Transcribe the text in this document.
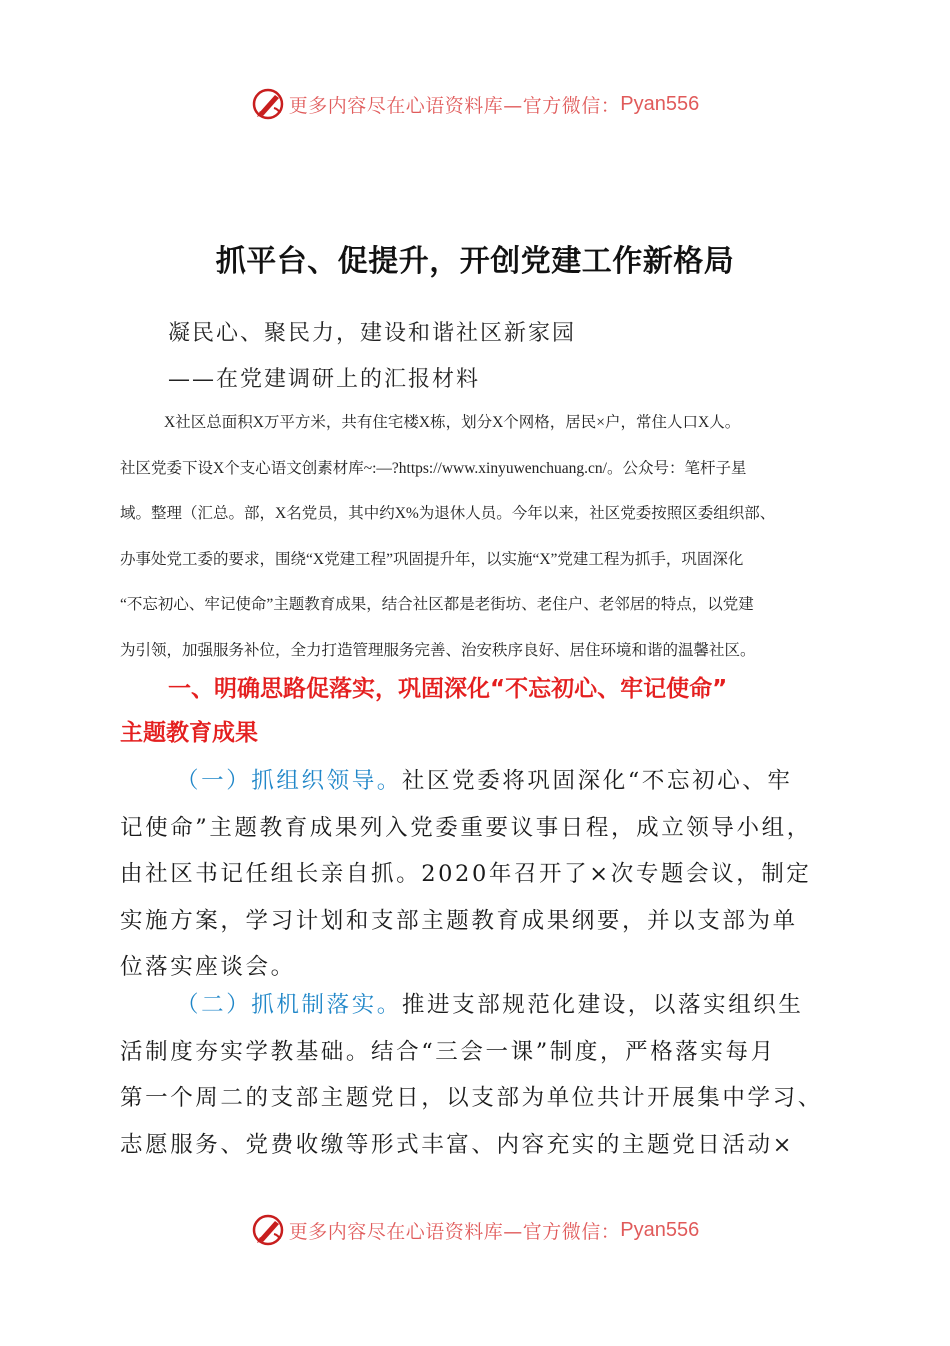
更多内容尽在心语资料库—官方微信： Pyan556
抓平台、促提升，开创党建工作新格局
凝民心、聚民力，建设和谐社区新家园
——在党建调研上的汇报材料
X社区总面积X万平方米，共有住宅楼X栋，划分X个网格，居民×户，常住人口X人。
社区党委下设X个支心语文创素材库~:—?https://www.xinyuwenchuang.cn/。公众号：笔杆子星
域。整理（汇总。部，X名党员，其中约X%为退休人员。今年以来，社区党委按照区委组织部、
办事处党工委的要求，围绕“X党建工程”巩固提升年，以实施“X”党建工程为抓手，巩固深化
“不忘初心、牢记使命”主题教育成果，结合社区都是老街坊、老住户、老邻居的特点，以党建
为引领，加强服务补位，全力打造管理服务完善、治安秩序良好、居住环境和谐的温馨社区。
一、明确思路促落实，巩固深化“不忘初心、牢记使命”
主题教育成果
（一）抓组织领导。社区党委将巩固深化“不忘初心、牢
记使命”主题教育成果列入党委重要议事日程，成立领导小组，
由社区书记任组长亲自抓。2020年召开了×次专题会议，制定
实施方案，学习计划和支部主题教育成果纲要，并以支部为单
位落实座谈会。
（二）抓机制落实。推进支部规范化建设，以落实组织生
活制度夯实学教基础。结合“三会一课”制度，严格落实每月
第一个周二的支部主题党日，以支部为单位共计开展集中学习、
志愿服务、党费收缴等形式丰富、内容充实的主题党日活动×
更多内容尽在心语资料库—官方微信： Pyan556
